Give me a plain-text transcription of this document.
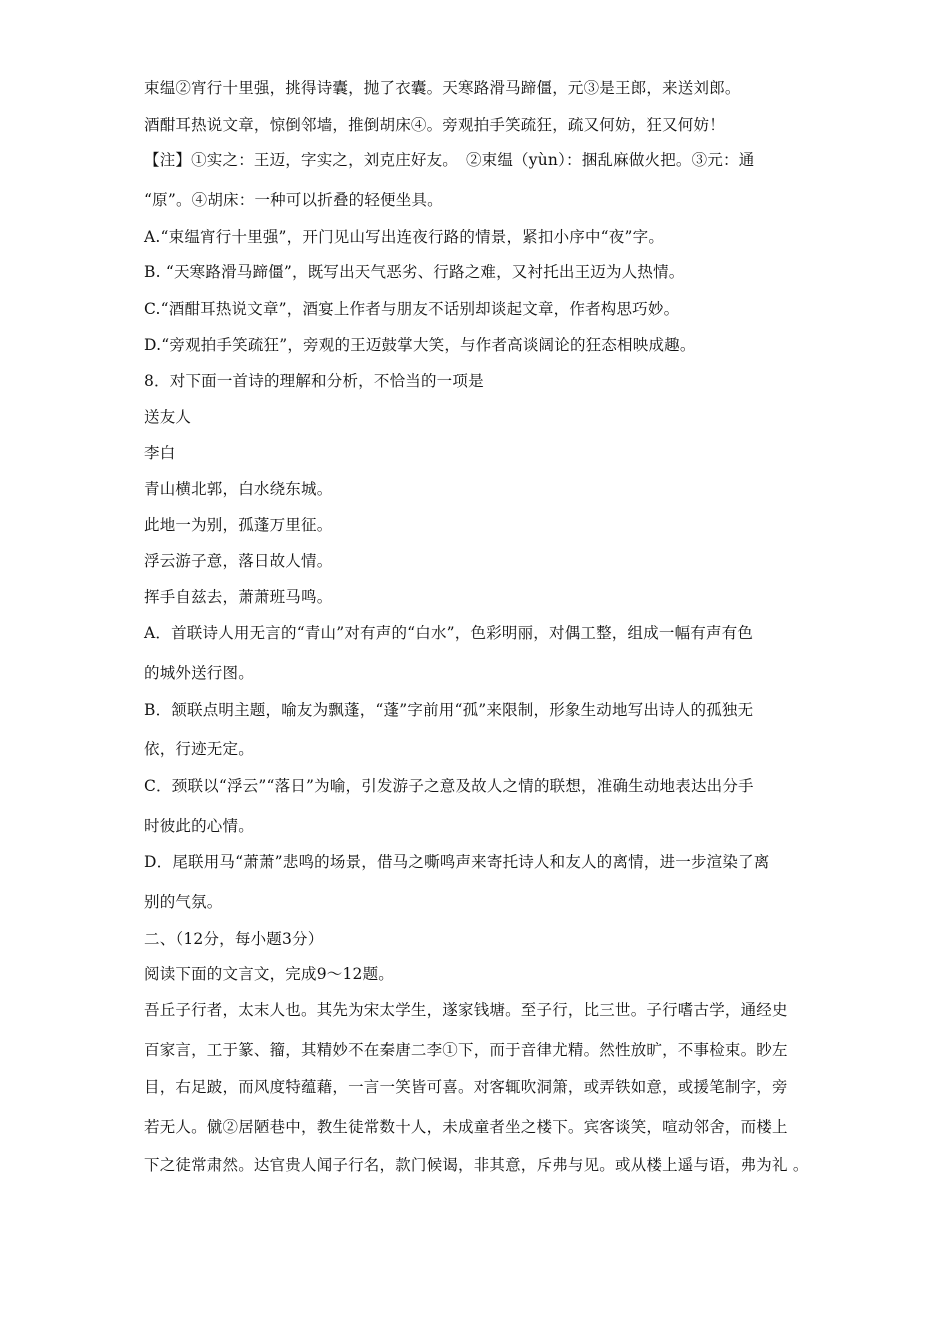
束缊②宵行十里强，挑得诗囊，抛了衣囊。天寒路滑马蹄僵，元③是王郎，来送刘郎。
酒酣耳热说文章，惊倒邻墙，推倒胡床④。旁观拍手笑疏狂，疏又何妨，狂又何妨！
【注】①实之：王迈，字实之，刘克庄好友。　②束缊（yùn）：捆乱麻做火把。③元：通
“原”。④胡床：一种可以折叠的轻便坐具。
A.“束缊宵行十里强”，开门见山写出连夜行路的情景，紧扣小序中“夜”字。
B. “天寒路滑马蹄僵”，既写出天气恶劣、行路之难，又衬托出王迈为人热情。
C.“酒酣耳热说文章”，酒宴上作者与朋友不话别却谈起文章，作者构思巧妙。
D.“旁观拍手笑疏狂”，旁观的王迈鼓掌大笑，与作者高谈阔论的狂态相映成趣。
8．对下面一首诗的理解和分析，不恰当的一项是
送友人
李白
青山横北郭，白水绕东城。
此地一为别，孤蓬万里征。
浮云游子意，落日故人情。
挥手自兹去，萧萧班马鸣。
A．首联诗人用无言的“青山”对有声的“白水”，色彩明丽，对偶工整，组成一幅有声有色
的城外送行图。
B．颔联点明主题，喻友为飘蓬，“蓬”字前用“孤”来限制，形象生动地写出诗人的孤独无
依，行迹无定。
C．颈联以“浮云”“落日”为喻，引发游子之意及故人之情的联想，准确生动地表达出分手
时彼此的心情。
D．尾联用马“萧萧”悲鸣的场景，借马之嘶鸣声来寄托诗人和友人的离情，进一步渲染了离
别的气氛。
二、（12分，每小题3分）
阅读下面的文言文，完成9～12题。
吾丘子行者，太末人也。其先为宋太学生，遂家钱塘。至子行，比三世。子行嗜古学，通经史
百家言，工于篆、籀，其精妙不在秦唐二李①下，而于音律尤精。然性放旷，不事检束。眇左
目，右足跛，而风度特蕴藉，一言一笑皆可喜。对客辄吹洞箫，或弄铁如意，或援笔制字，旁
若无人。僦②居陋巷中，教生徒常数十人，未成童者坐之楼下。宾客谈笑，喧动邻舍，而楼上
下之徒常肃然。达官贵人闻子行名，款门候谒，非其意，斥弗与见。或从楼上遥与语，弗为礼 。
